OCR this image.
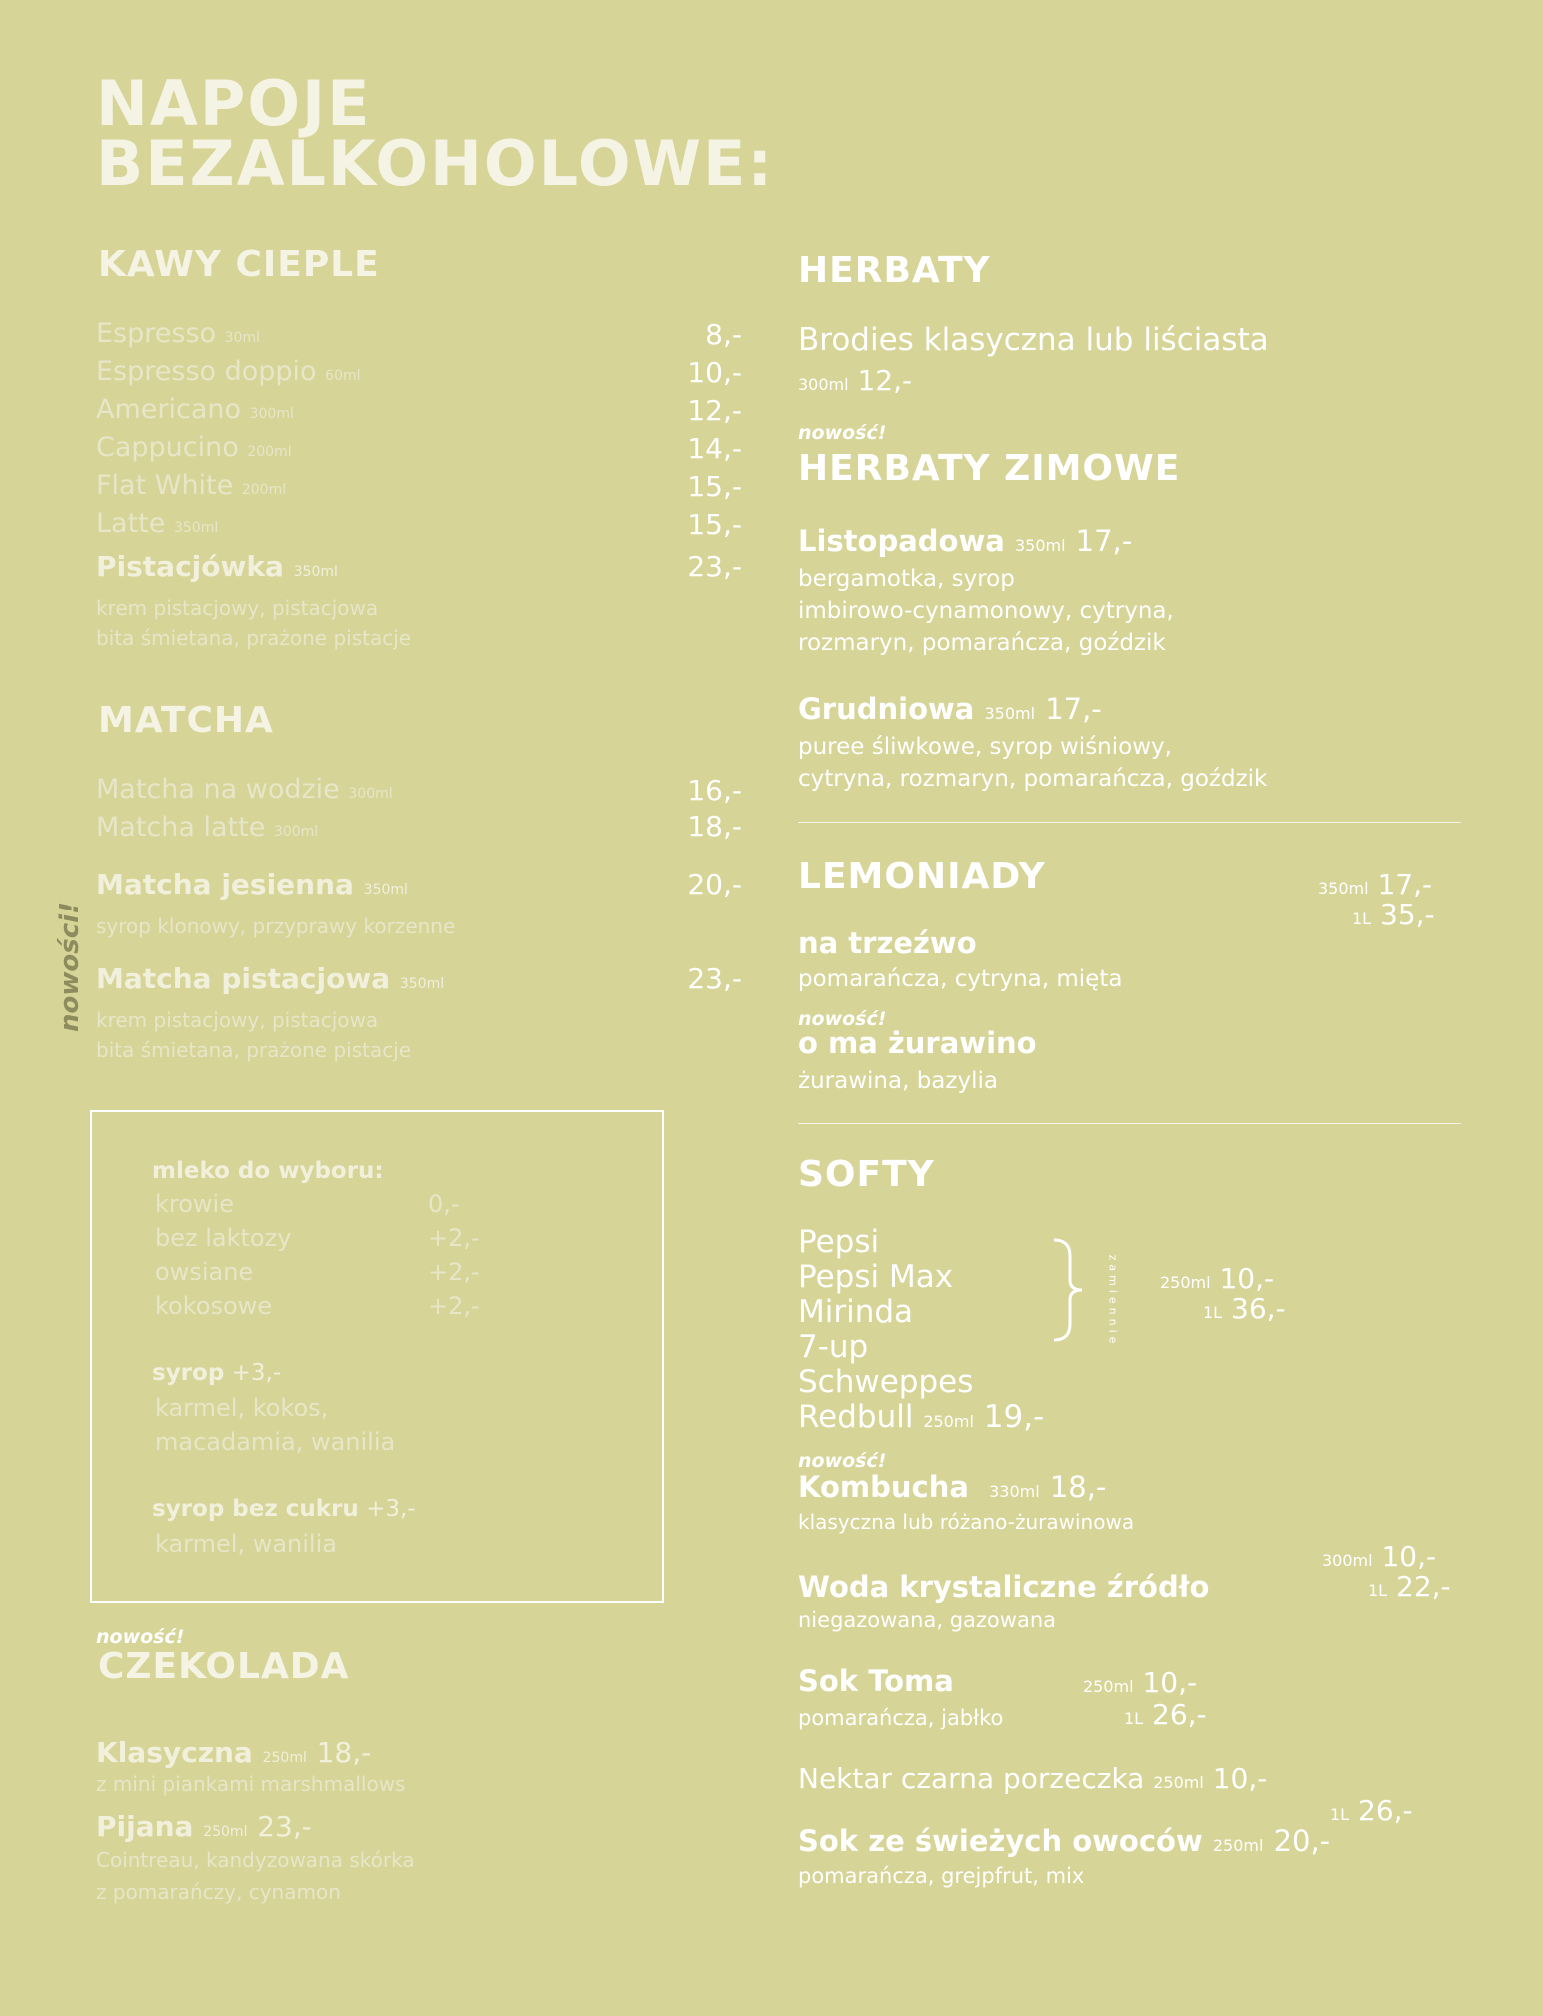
NAPOJE
BEZALKOHOLOWE:
KAWY CIEPLE
Espresso 30ml	8,-
Espresso doppio 60ml	10,-
Americano 300ml	12,-
Cappucino 200ml	14,-
Flat White 200ml	15,-
Latte 350ml	15,-
Pistacjówka 350ml	23,-
krem pistacjowy, pistacjowa
bita śmietana, prażone pistacje
MATCHA
Matcha na wodzie 300ml	16,-
Matcha latte 300ml	18,-
nowości!
Matcha jesienna 350ml	20,-
syrop klonowy, przyprawy korzenne
Matcha pistacjowa 350ml	23,-
krem pistacjowy, pistacjowa
bita śmietana, prażone pistacje
mleko do wyboru:
krowie	0,-
bez laktozy	+2,-
owsiane	+2,-
kokosowe	+2,-
syrop +3,-
karmel, kokos,
macadamia, wanilia
syrop bez cukru +3,-
karmel, wanilia
nowość!
CZEKOLADA
Klasyczna 250ml 18,-
z mini piankami marshmallows
Pijana 250ml 23,-
Cointreau, kandyzowana skórka
z pomarańczy, cynamon
HERBATY
Brodies klasyczna lub liściasta
300ml 12,-
nowość!
HERBATY ZIMOWE
Listopadowa 350ml 17,-
bergamotka, syrop
imbirowo-cynamonowy, cytryna,
rozmaryn, pomarańcza, goździk
Grudniowa 350ml 17,-
puree śliwkowe, syrop wiśniowy,
cytryna, rozmaryn, pomarańcza, goździk
LEMONIADY	350ml 17,-
1L 35,-
na trzeźwo
pomarańcza, cytryna, mięta
nowość!
o ma żurawino
żurawina, bazylia
SOFTY
Pepsi
Pepsi Max
Mirinda
7-up
Schweppes
zamiennie	250ml 10,-
1L 36,-
Redbull 250ml 19,-
nowość!
Kombucha 330ml 18,-
klasyczna lub różano-żurawinowa
300ml 10,-
Woda krystaliczne źródło	1L 22,-
niegazowana, gazowana
Sok Toma	250ml 10,-
pomarańcza, jabłko	1L 26,-
Nektar czarna porzeczka 250ml 10,-
1L 26,-
Sok ze świeżych owoców 250ml 20,-
pomarańcza, grejpfrut, mix
